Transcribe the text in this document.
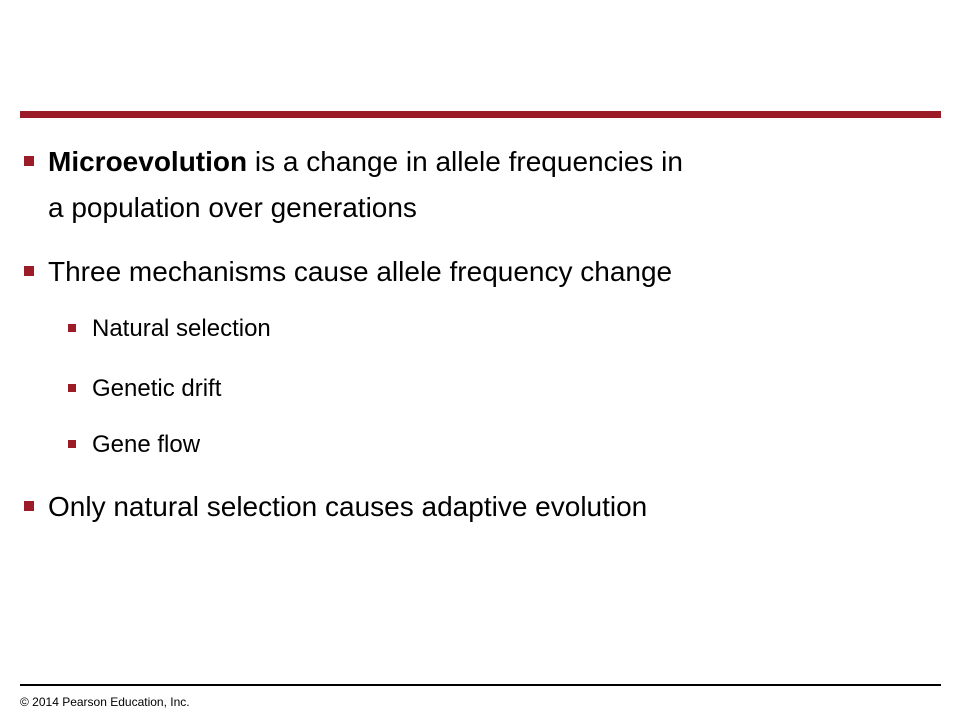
Microevolution is a change in allele frequencies in
a population over generations
Three mechanisms cause allele frequency change
Natural selection
Genetic drift
Gene flow
Only natural selection causes adaptive evolution
© 2014 Pearson Education, Inc.
